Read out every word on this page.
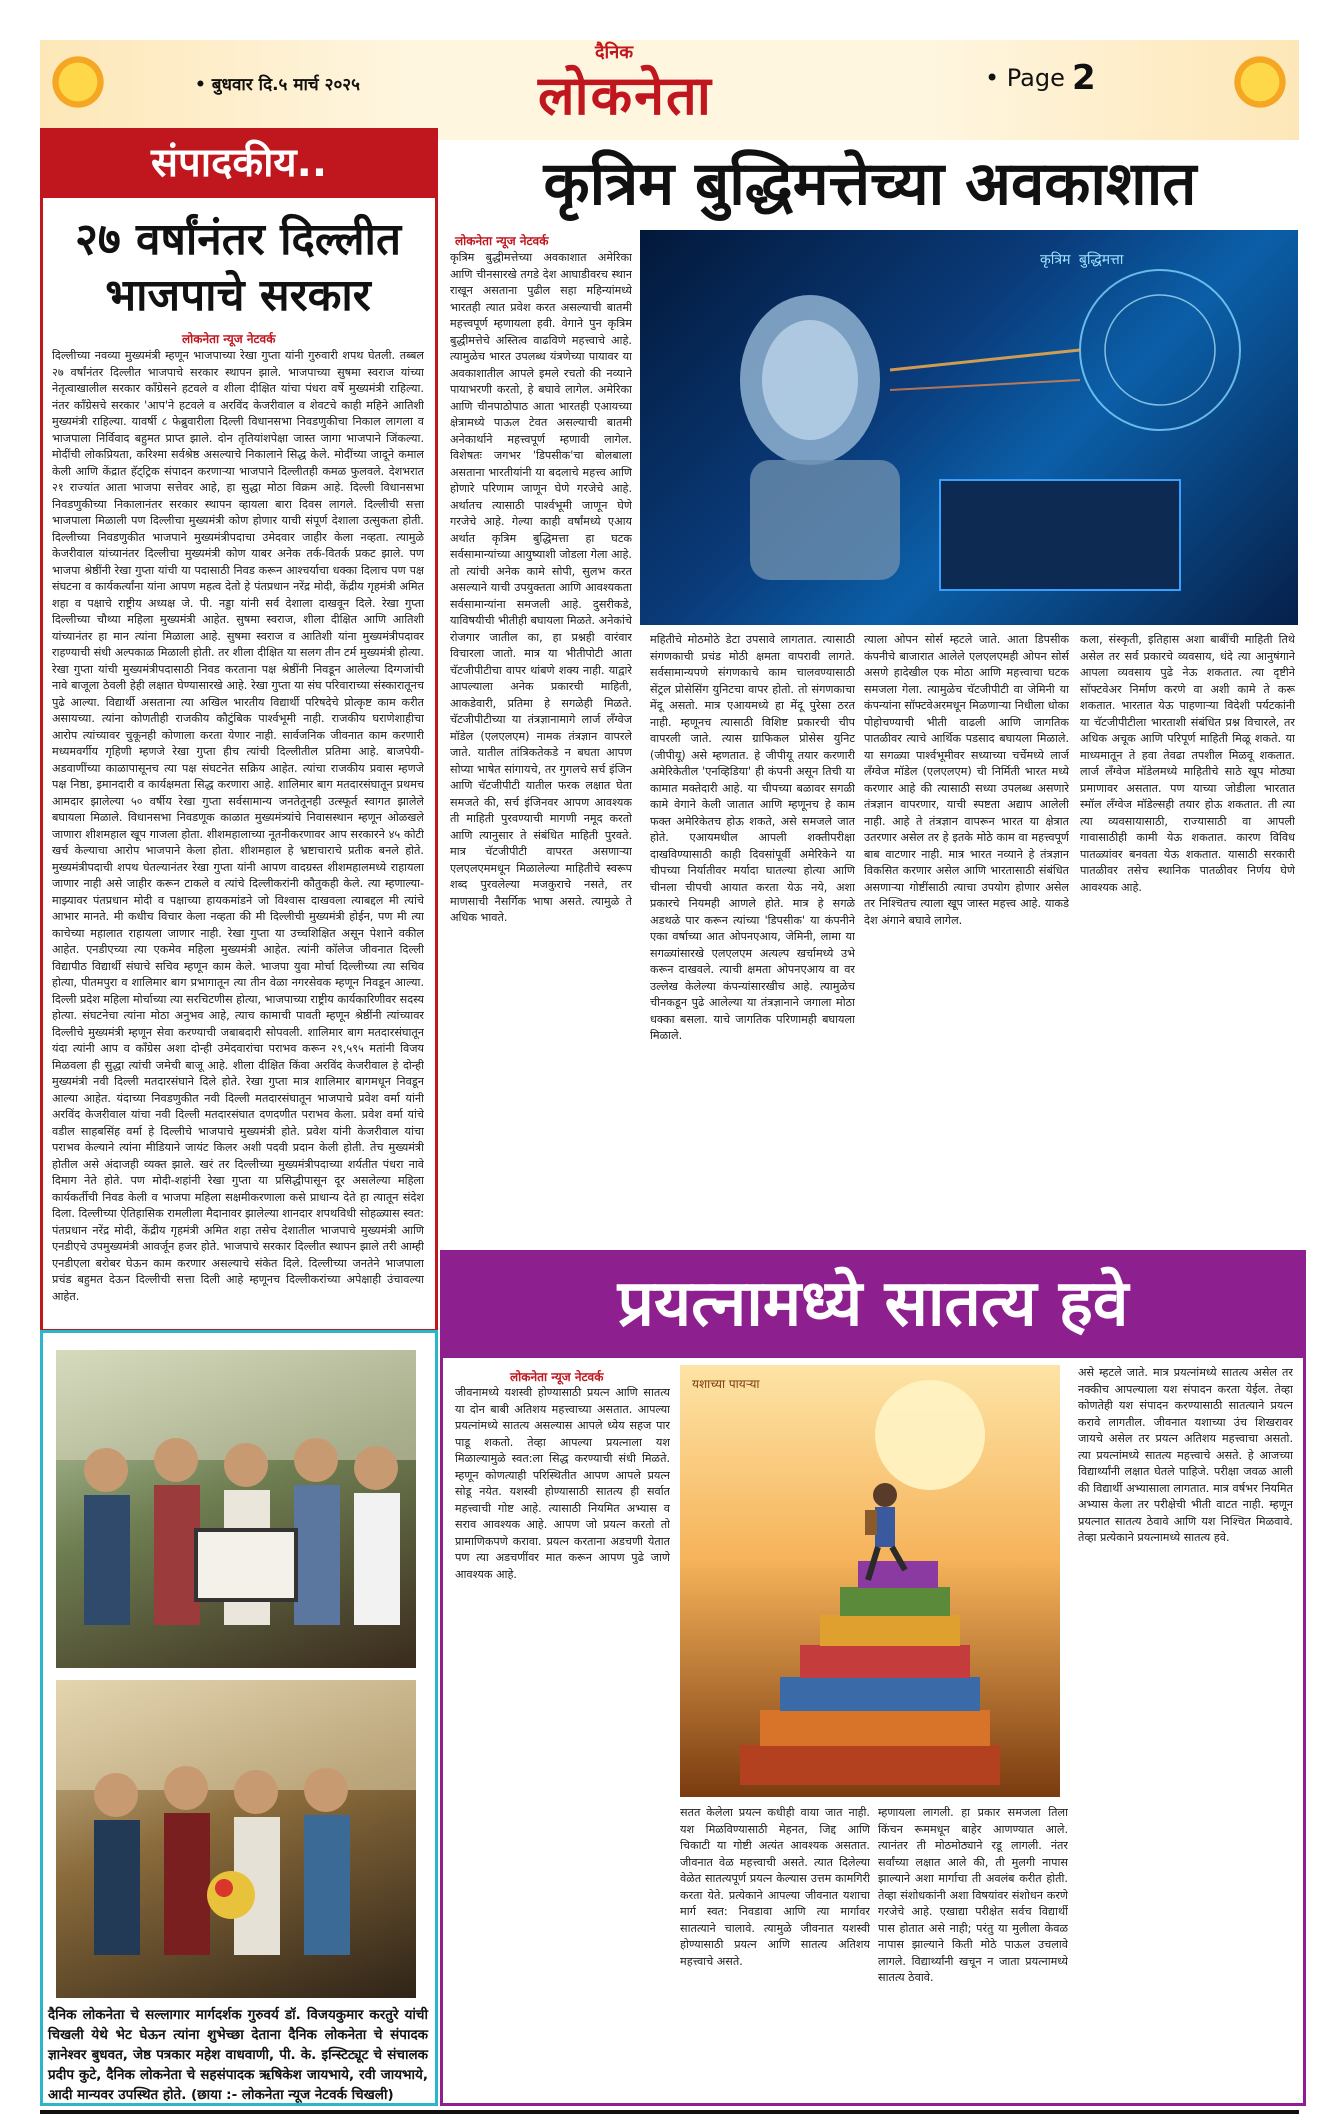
• बुधवार दि.५ मार्च २०२५
दैनिक
लोकनेता	• Page 2
संपादकीय..
२७ वर्षांनंतर दिल्लीत भाजपाचे सरकार
लोकनेता न्यूज नेटवर्क
दिल्लीच्या नवव्या मुख्यमंत्री म्हणून भाजपाच्या रेखा गुप्ता यांनी गुरुवारी शपथ घेतली. तब्बल २७ वर्षांनंतर दिल्लीत भाजपाचे सरकार स्थापन झाले. भाजपाच्या सुषमा स्वराज यांच्या नेतृत्वाखालील सरकार काँग्रेसने हटवले व शीला दीक्षित यांचा पंधरा वर्षे मुख्यमंत्री राहिल्या. नंतर काँग्रेसचे सरकार 'आप'ने हटवले व अरविंद केजरीवाल व शेवटचे काही महिने आतिशी मुख्यमंत्री राहिल्या. यावर्षी ८ फेब्रुवारीला दिल्ली विधानसभा निवडणुकीचा निकाल लागला व भाजपाला निर्विवाद बहुमत प्राप्त झाले. दोन तृतियांशपेक्षा जास्त जागा भाजपाने जिंकल्या. मोदींची लोकप्रियता, करिश्मा सर्वश्रेष्ठ असल्याचे निकालाने सिद्ध केले. मोदींच्या जादूने कमाल केली आणि केंद्रात हॅट्ट्रिक संपादन करणाऱ्या भाजपाने दिल्लीतही कमळ फुलवले. देशभरात २१ राज्यांत आता भाजपा सत्तेवर आहे, हा सुद्धा मोठा विक्रम आहे. दिल्ली विधानसभा निवडणुकीच्या निकालानंतर सरकार स्थापन व्हायला बारा दिवस लागले. दिल्लीची सत्ता भाजपाला मिळाली पण दिल्लीचा मुख्यमंत्री कोण होणार याची संपूर्ण देशाला उत्सुकता होती. दिल्लीच्या निवडणुकीत भाजपाने मुख्यमंत्रीपदाचा उमेदवार जाहीर केला नव्हता. त्यामुळे केजरीवाल यांच्यानंतर दिल्लीचा मुख्यमंत्री कोण याबर अनेक तर्क-वितर्क प्रकट झाले. पण भाजपा श्रेष्ठींनी रेखा गुप्ता यांची या पदासाठी निवड करून आश्चर्याचा धक्का दिलाच पण पक्ष संघटना व कार्यकर्त्यांना यांना आपण महत्व देतो हे पंतप्रधान नरेंद्र मोदी, केंद्रीय गृहमंत्री अमित शहा व पक्षाचे राष्ट्रीय अध्यक्ष जे. पी. नड्डा यांनी सर्व देशाला दाखवून दिले. रेखा गुप्ता दिल्लीच्या चौथ्या महिला मुख्यमंत्री आहेत. सुषमा स्वराज, शीला दीक्षित आणि आतिशी यांच्यानंतर हा मान त्यांना मिळाला आहे. सुषमा स्वराज व आतिशी यांना मुख्यमंत्रीपदावर राहण्याची संधी अल्पकाळ मिळाली होती. तर शीला दीक्षित या सलग तीन टर्म मुख्यमंत्री होत्या. रेखा गुप्ता यांची मुख्यमंत्रीपदासाठी निवड करताना पक्ष श्रेष्ठींनी निवडून आलेल्या दिग्गजांची नावे बाजूला ठेवली हेही लक्षात घेण्यासारखे आहे. रेखा गुप्ता या संघ परिवाराच्या संस्कारातूनच पुढे आल्या. विद्यार्थी असताना त्या अखिल भारतीय विद्यार्थी परिषदेचे प्रोत्कृष्ट काम करीत असायच्या. त्यांना कोणतीही राजकीय कौटुंबिक पार्श्वभूमी नाही. राजकीय घराणेशाहीचा आरोप त्यांच्यावर चुकूनही कोणाला करता येणार नाही. सार्वजनिक जीवनात काम करणारी मध्यमवर्गीय गृहिणी म्हणजे रेखा गुप्ता हीच त्यांची दिल्लीतील प्रतिमा आहे. बाजपेयी-अडवाणींच्या काळापासूनच त्या पक्ष संघटनेत सक्रिय आहेत. त्यांचा राजकीय प्रवास म्हणजे पक्ष निष्ठा, इमानदारी व कार्यक्षमता सिद्ध करणारा आहे. शालिमार बाग मतदारसंघातून प्रथमच आमदार झालेल्या ५० वर्षीय रेखा गुप्ता सर्वसामान्य जनतेतूनही उत्स्फूर्त स्वागत झालेले बघायला मिळाले. विधानसभा निवडणूक काळात मुख्यमंत्र्यांचे निवासस्थान म्हणून ओळखले जाणारा शीशमहाल खूप गाजला होता. शीशमहालाच्या नूतनीकरणावर आप सरकारने ४५ कोटी खर्च केल्याचा आरोप भाजपाने केला होता. शीशमहाल हे भ्रष्टाचाराचे प्रतीक बनले होते. मुख्यमंत्रीपदाची शपथ घेतल्यानंतर रेखा गुप्ता यांनी आपण वादग्रस्त शीशमहालमध्ये राहायला जाणार नाही असे जाहीर करून टाकले व त्यांचे दिल्लीकरांनी कौतुकही केले. त्या म्हणाल्या-माझ्यावर पंतप्रधान मोदी व पक्षाच्या हायकमांडने जो विश्वास दाखवला त्याबद्दल मी त्यांचे आभार मानते. मी कधीच विचार केला नव्हता की मी दिल्लीची मुख्यमंत्री होईन, पण मी त्या काचेच्या महालात राहायला जाणार नाही. रेखा गुप्ता या उच्चशिक्षित असून पेशाने वकील आहेत. एनडीएच्या त्या एकमेव महिला मुख्यमंत्री आहेत. त्यांनी कॉलेज जीवनात दिल्ली विद्यापीठ विद्यार्थी संघाचे सचिव म्हणून काम केले. भाजपा युवा मोर्चा दिल्लीच्या त्या सचिव होत्या, पीतमपुरा व शालिमार बाग प्रभागातून त्या तीन वेळा नगरसेवक म्हणून निवडून आल्या. दिल्ली प्रदेश महिला मोर्चाच्या त्या सरचिटणीस होत्या, भाजपाच्या राष्ट्रीय कार्यकारिणीवर सदस्य होत्या. संघटनेचा त्यांना मोठा अनुभव आहे, त्याच कामाची पावती म्हणून श्रेष्ठींनी त्यांच्यावर दिल्लीचे मुख्यमंत्री म्हणून सेवा करण्याची जबाबदारी सोपवली. शालिमार बाग मतदारसंघातून यंदा त्यांनी आप व काँग्रेस अशा दोन्ही उमेदवारांचा पराभव करून २९,५९५ मतांनी विजय मिळवला ही सुद्धा त्यांची जमेची बाजू आहे. शीला दीक्षित किंवा अरविंद केजरीवाल हे दोन्ही मुख्यमंत्री नवी दिल्ली मतदारसंघाने दिले होते. रेखा गुप्ता मात्र शालिमार बागमधून निवडून आल्या आहेत. यंदाच्या निवडणुकीत नवी दिल्ली मतदारसंघातून भाजपाचे प्रवेश वर्मा यांनी अरविंद केजरीवाल यांचा नवी दिल्ली मतदारसंघात दणदणीत पराभव केला. प्रवेश वर्मा यांचे वडील साहबसिंह वर्मा हे दिल्लीचे भाजपाचे मुख्यमंत्री होते. प्रवेश यांनी केजरीवाल यांचा पराभव केल्याने त्यांना मीडियाने जायंट किलर अशी पदवी प्रदान केली होती. तेच मुख्यमंत्री होतील असे अंदाजही व्यक्त झाले. खरं तर दिल्लीच्या मुख्यमंत्रीपदाच्या शर्यतीत पंधरा नावे दिमाग नेते होते. पण मोदी-शहांनी रेखा गुप्ता या प्रसिद्धीपासून दूर असलेल्या महिला कार्यकर्तीची निवड केली व भाजपा महिला सक्षमीकरणाला कसे प्राधान्य देते हा त्यातून संदेश दिला. दिल्लीच्या ऐतिहासिक रामलीला मैदानावर झालेल्या शानदार शपथविधी सोहळ्यास स्वत: पंतप्रधान नरेंद्र मोदी, केंद्रीय गृहमंत्री अमित शहा तसेच देशातील भाजपाचे मुख्यमंत्री आणि एनडीएचे उपमुख्यमंत्री आवर्जून हजर होते. भाजपाचे सरकार दिल्लीत स्थापन झाले तरी आम्ही एनडीएला बरोबर घेऊन काम करणार असल्याचे संकेत दिले. दिल्लीच्या जनतेने भाजपाला प्रचंड बहुमत देऊन दिल्लीची सत्ता दिली आहे म्हणूनच दिल्लीकरांच्या अपेक्षाही उंचावल्या आहेत.
कृत्रिम बुद्धिमत्तेच्या अवकाशात
लोकनेता न्यूज नेटवर्क
कृत्रिम बुद्धीमत्तेच्या अवकाशात अमेरिका आणि चीनसारखे तगडे देश आघाडीवरच स्थान राखून असताना पुढील सहा महिन्यांमध्ये भारतही त्यात प्रवेश करत असल्याची बातमी महत्त्वपूर्ण म्हणायला हवी. वेगाने पुन कृत्रिम बुद्धीमत्तेचे अस्तित्व वाढविणे महत्त्वाचे आहे. त्यामुळेच भारत उपलब्ध यंत्रणेच्या पायावर या अवकाशातील आपले इमले रचतो की नव्याने पायाभरणी करतो, हे बघावे लागेल. अमेरिका आणि चीनपाठोपाठ आता भारतही एआयच्या क्षेत्रामध्ये पाऊल टेवत असल्याची बातमी अनेकार्थाने महत्त्वपूर्ण म्हणावी लागेल. विशेषतः जगभर 'डिपसीक'चा बोलबाला असताना भारतीयांनी या बदलाचे महत्त्व आणि होणारे परिणाम जाणून घेणे गरजेचे आहे. अर्थातच त्यासाठी पार्श्वभूमी जाणून घेणे गरजेचे आहे. गेल्या काही वर्षांमध्ये एआय अर्थात कृत्रिम बुद्धिमत्ता हा घटक सर्वसामान्यांच्या आयुष्याशी जोडला गेला आहे. तो त्यांची अनेक कामे सोपी, सुलभ करत असल्याने याची उपयुक्तता आणि आवश्यकता सर्वसामान्यांना समजली आहे. दुसरीकडे, याविषयीची भीतीही बघायला मिळते. अनेकांचे रोजगार जातील का, हा प्रश्नही वारंवार विचारला जातो. मात्र या भीतीपोटी आता चॅटजीपीटीचा वापर थांबणे शक्य नाही. याद्वारे आपल्याला अनेक प्रकारची माहिती, आकडेवारी, प्रतिमा हे सगळेही मिळते. चॅटजीपीटीच्या या तंत्रज्ञानामागे लार्ज लँग्वेज मॉडेल (एलएलएम) नामक तंत्रज्ञान वापरले जाते. यातील तांत्रिकतेकडे न बघता आपण सोप्या भाषेत सांगायचे, तर गुगलचे सर्च इंजिन आणि चॅटजीपीटी यातील फरक लक्षात घेता समजते की, सर्च इंजिनवर आपण आवश्यक ती माहिती पुरवण्याची मागणी नमूद करतो आणि त्यानुसार ते संबंधित माहिती पुरवते. मात्र चॅटजीपीटी वापरत असणाऱ्या एलएलएममधून मिळालेल्या माहितीचे स्वरूप शब्द पुरवलेल्या मजकुराचे नसते, तर माणसाची नैसर्गिक भाषा असते. त्यामुळे ते अधिक भावते.
कृत्रिम बुद्धिमत्ता
महितीचे मोठमोठे डेटा उपसावे लागतात. त्यासाठी संगणकाची प्रचंड मोठी क्षमता वापरावी लागते. सर्वसामान्यपणे संगणकाचे काम चालवण्यासाठी सेंट्रल प्रोसेसिंग युनिटचा वापर होतो. तो संगणकाचा मेंदू असतो. मात्र एआयमध्ये हा मेंदू पुरेसा ठरत नाही. म्हणूनच त्यासाठी विशिष्ट प्रकारची चीप वापरली जाते. त्यास ग्राफिकल प्रोसेस युनिट (जीपीयू) असे म्हणतात. हे जीपीयू तयार करणारी अमेरिकेतील 'एनव्हिडिया' ही कंपनी असून तिची या कामात मक्तेदारी आहे. या चीपच्या बळावर सगळी कामे वेगाने केली जातात आणि म्हणूनच हे काम फक्त अमेरिकेतच होऊ शकते, असे समजले जात होते. एआयमधील आपली शक्तीपरीक्षा दाखविण्यासाठी काही दिवसांपूर्वी अमेरिकेने या चीपच्या निर्यातीवर मर्यादा घातल्या होत्या आणि चीनला चीपची आयात करता येऊ नये, अशा प्रकारचे नियमही आणले होते. मात्र हे सगळे अडथळे पार करून त्यांच्या 'डिपसीक' या कंपनीने एका वर्षाच्या आत ओपनएआय, जेमिनी, लामा या सगळ्यांसारखे एलएलएम अत्यल्प खर्चामध्ये उभे करून दाखवले. त्याची क्षमता ओपनएआय वा वर उल्लेख केलेल्या कंपन्यांसारखीच आहे. त्यामुळेच चीनकडून पुढे आलेल्या या तंत्रज्ञानाने जगाला मोठा धक्का बसला. याचे जागतिक परिणामही बघायला मिळाले.
त्याला ओपन सोर्स म्हटले जाते. आता डिपसीक कंपनीचे बाजारात आलेले एलएलएमही ओपन सोर्स असणे हादेखील एक मोठा आणि महत्त्वाचा घटक समजला गेला. त्यामुळेच चॅटजीपीटी वा जेमिनी या कंपन्यांना सॉफ्टवेअरमधून मिळणाऱ्या निधीला धोका पोहोचण्याची भीती वाढली आणि जागतिक पातळीवर त्याचे आर्थिक पडसाद बघायला मिळाले. या सगळ्या पार्श्वभूमीवर सध्याच्या चर्चेमध्ये लार्ज लँग्वेज मॉडेल (एलएलएम) ची निर्मिती भारत मध्ये करणार आहे की त्यासाठी सध्या उपलब्ध असणारे तंत्रज्ञान वापरणार, याची स्पष्टता अद्याप आलेली नाही. आहे ते तंत्रज्ञान वापरून भारत या क्षेत्रात उतरणार असेल तर हे इतके मोठे काम वा महत्त्वपूर्ण बाब वाटणार नाही. मात्र भारत नव्याने हे तंत्रज्ञान विकसित करणार असेल आणि भारतासाठी संबंधित असणाऱ्या गोष्टींसाठी त्याचा उपयोग होणार असेल तर निश्चितच त्याला खूप जास्त महत्त्व आहे. याकडे देश अंगाने बघावे लागेल.
कला, संस्कृती, इतिहास अशा बाबींची माहिती तिथे असेल तर सर्व प्रकारचे व्यवसाय, धंदे त्या आनुषंगाने आपला व्यवसाय पुढे नेऊ शकतात. त्या दृष्टीने सॉफ्टवेअर निर्माण करणे वा अशी कामे ते करू शकतात. भारतात येऊ पाहणाऱ्या विदेशी पर्यटकांनी या चॅटजीपीटीला भारताशी संबंधित प्रश्न विचारले, तर अधिक अचूक आणि परिपूर्ण माहिती मिळू शकते. या माध्यमातून ते हवा तेवढा तपशील मिळवू शकतात. लार्ज लँग्वेज मॉडेलमध्ये माहितीचे साठे खूप मोठ्या प्रमाणावर असतात. पण याच्या जोडीला भारतात स्मॉल लँग्वेज मॉडेल्सही तयार होऊ शकतात. ती त्या त्या व्यवसायासाठी, राज्यासाठी वा आपली गावासाठीही कामी येऊ शकतात. कारण विविध पातळ्यांवर बनवता येऊ शकतात. यासाठी सरकारी पातळीवर तसेच स्थानिक पातळीवर निर्णय घेणे आवश्यक आहे.
दैनिक लोकनेता चे सल्लागार मार्गदर्शक गुरुवर्य डॉ. विजयकुमार करतुरे यांची चिखली येथे भेट घेऊन त्यांना शुभेच्छा देताना दैनिक लोकनेता चे संपादक ज्ञानेश्वर बुधवत, जेष्ठ पत्रकार महेश वाधवाणी, पी. के. इन्स्टिट्यूट चे संचालक प्रदीप कुटे, दैनिक लोकनेता चे सहसंपादक ऋषिकेश जायभाये, रवी जायभाये, आदी मान्यवर उपस्थित होते. (छाया :- लोकनेता न्यूज नेटवर्क चिखली)
प्रयत्नामध्ये सातत्य हवे
लोकनेता न्यूज नेटवर्क
जीवनामध्ये यशस्वी होण्यासाठी प्रयत्न आणि सातत्य या दोन बाबी अतिशय महत्त्वाच्या असतात. आपल्या प्रयत्नांमध्ये सातत्य असल्यास आपले ध्येय सहज पार पाडू शकतो. तेव्हा आपल्या प्रयत्नाला यश मिळाल्यामुळे स्वत:ला सिद्ध करण्याची संधी मिळते. म्हणून कोणत्याही परिस्थितीत आपण आपले प्रयत्न सोडू नयेत. यशस्वी होण्यासाठी सातत्य ही सर्वात महत्त्वाची गोष्ट आहे. त्यासाठी नियमित अभ्यास व सराव आवश्यक आहे. आपण जो प्रयत्न करतो तो प्रामाणिकपणे करावा. प्रयत्न करताना अडचणी येतात पण त्या अडचणींवर मात करून आपण पुढे जाणे आवश्यक आहे.
यशाच्या पायऱ्या
सतत केलेला प्रयत्न कधीही वाया जात नाही. यश मिळविण्यासाठी मेहनत, जिद्द आणि चिकाटी या गोष्टी अत्यंत आवश्यक असतात. जीवनात वेळ महत्त्वाची असते. त्यात दिलेल्या वेळेत सातत्यपूर्ण प्रयत्न केल्यास उत्तम कामगिरी करता येते. प्रत्येकाने आपल्या जीवनात यशाचा मार्ग स्वत: निवडावा आणि त्या मार्गावर सातत्याने चालावे. त्यामुळे जीवनात यशस्वी होण्यासाठी प्रयत्न आणि सातत्य अतिशय महत्त्वाचे असते.
म्हणायला लागली. हा प्रकार समजला तिला किंचन रूममधून बाहेर आणण्यात आले. त्यानंतर ती मोठमोठ्याने रडू लागली. नंतर सर्वांच्या लक्षात आले की, ती मुलगी नापास झाल्याने अशा मार्गाचा ती अवलंब करीत होती. तेव्हा संशोधकांनी अशा विषयांवर संशोधन करणे गरजेचे आहे. एखाद्या परीक्षेत सर्वच विद्यार्थी पास होतात असे नाही; परंतु या मुलीला केवळ नापास झाल्याने किती मोठे पाऊल उचलावे लागले. विद्यार्थ्यांनी खचून न जाता प्रयत्नामध्ये सातत्य ठेवावे.
असे म्हटले जाते. मात्र प्रयत्नांमध्ये सातत्य असेल तर नक्कीच आपल्याला यश संपादन करता येईल. तेव्हा कोणतेही यश संपादन करण्यासाठी सातत्याने प्रयत्न करावे लागतील. जीवनात यशाच्या उंच शिखरावर जायचे असेल तर प्रयत्न अतिशय महत्त्वाचा असतो. त्या प्रयत्नांमध्ये सातत्य महत्त्वाचे असते. हे आजच्या विद्यार्थ्यांनी लक्षात घेतले पाहिजे. परीक्षा जवळ आली की विद्यार्थी अभ्यासाला लागतात. मात्र वर्षभर नियमित अभ्यास केला तर परीक्षेची भीती वाटत नाही. म्हणून प्रयत्नात सातत्य ठेवावे आणि यश निश्चित मिळवावे. तेव्हा प्रत्येकाने प्रयत्नामध्ये सातत्य हवे.
